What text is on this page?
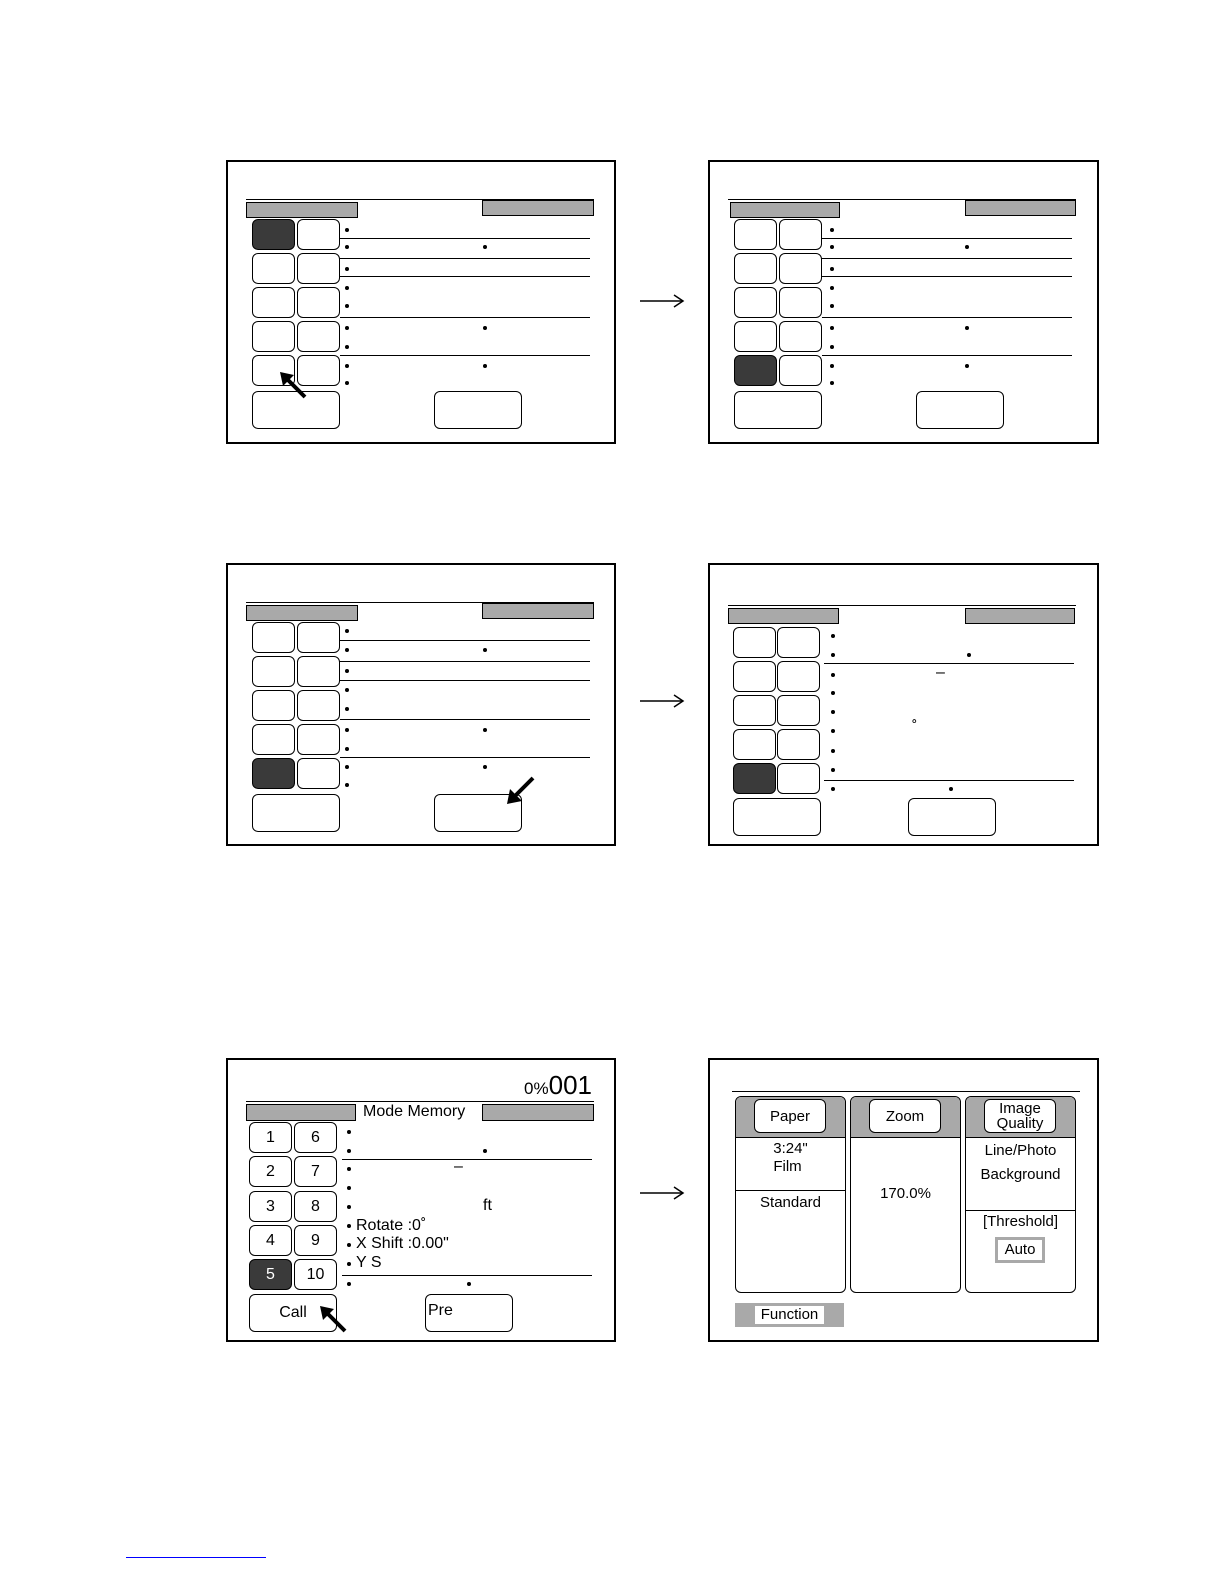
–
˚
0%001
Mode Memory
1	6
2	7
3	8
4	9
5	10
Call	Pre
–
ft
Rotate :0˚
X Shift :0.00"
Y S
Paper
3:24"
Film
Standard
Zoom
170.0%
Image
Quality
Line/Photo
Background
[Threshold]
Auto
Function
